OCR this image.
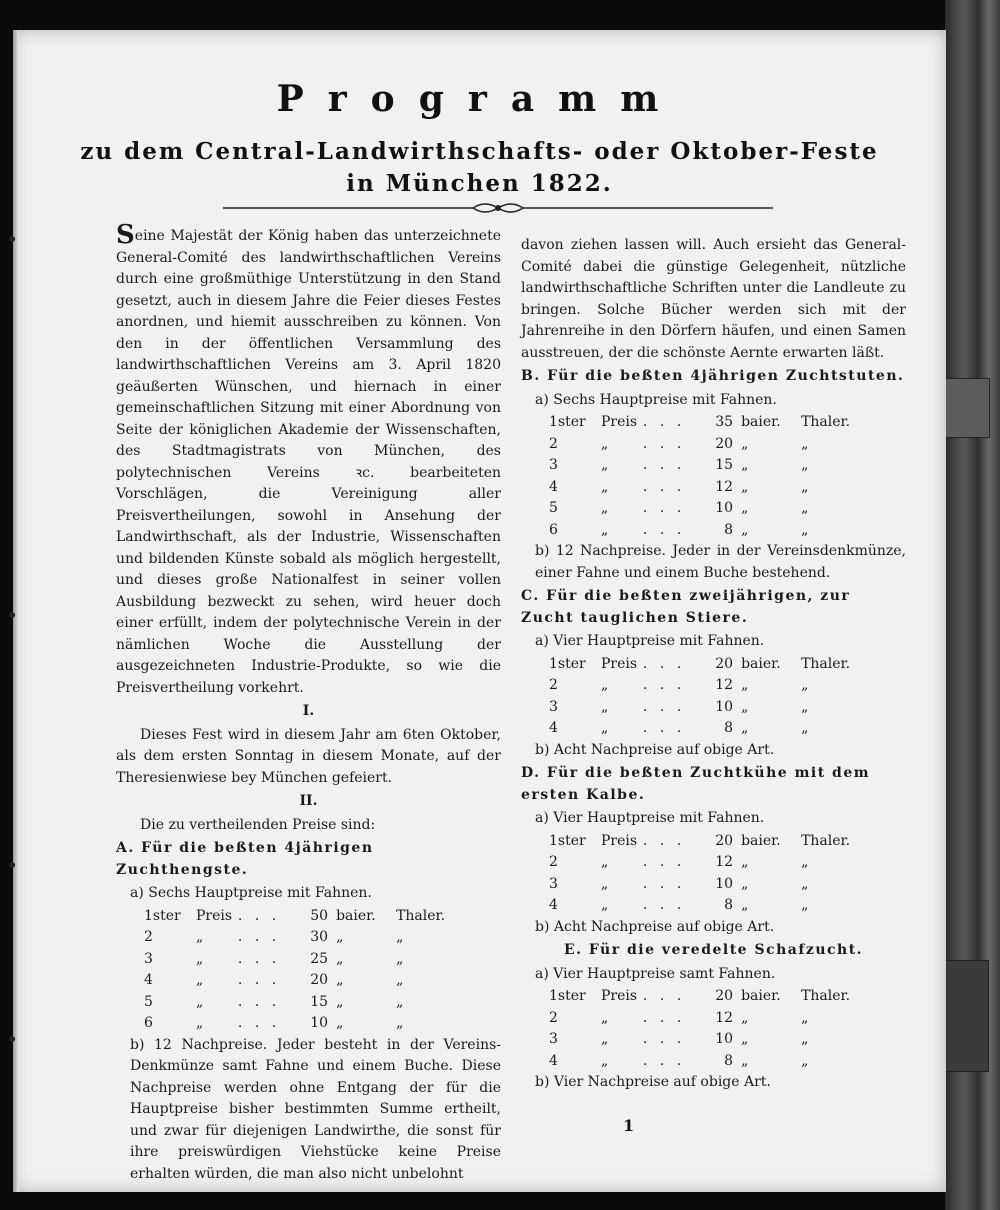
Programm
zu dem Central-Landwirthschafts- oder Oktober-Feste
in München 1822.

Seine Majestät der König haben das unterzeichnete General-Comité des landwirthschaftlichen Vereins durch eine großmüthige Unterstützung in den Stand gesetzt, auch in diesem Jahre die Feier dieses Festes anordnen, und hiemit ausschreiben zu können. Von den in der öffentlichen Versammlung des landwirthschaftlichen Vereins am 3. April 1820 geäußerten Wünschen, und hiernach in einer gemeinschaftlichen Sitzung mit einer Abordnung von Seite der königlichen Akademie der Wissenschaften, des Stadtmagistrats von München, des polytechnischen Vereins ꝛc. bearbeiteten Vorschlägen, die Vereinigung aller Preisvertheilungen, sowohl in Ansehung der Landwirthschaft, als der Industrie, Wissenschaften und bildenden Künste sobald als möglich hergestellt, und dieses große Nationalfest in seiner vollen Ausbildung bezweckt zu sehen, wird heuer doch einer erfüllt, indem der polytechnische Verein in der nämlichen Woche die Ausstellung der ausgezeichneten Industrie-Produkte, so wie die Preisvertheilung vorkehrt.

I.

Dieses Fest wird in diesem Jahr am 6ten Oktober, als dem ersten Sonntag in diesem Monate, auf der Theresienwiese bey München gefeiert.

II.

Die zu vertheilenden Preise sind:

A. Für die beßten 4jährigen Zuchthengste.
a) Sechs Hauptpreise mit Fahnen.
1ster	Preis	. . .	50	baier.	Thaler.
2	„	. . .	30	„	„
3	„	. . .	25	„	„
4	„	. . .	20	„	„
5	„	. . .	15	„	„
6	„	. . .	10	„	„

b) 12 Nachpreise. Jeder besteht in der Vereins-Denkmünze samt Fahne und einem Buche. Diese Nachpreise werden ohne Entgang der für die Hauptpreise bisher bestimmten Summe ertheilt, und zwar für diejenigen Landwirthe, die sonst für ihre preiswürdigen Viehstücke keine Preise erhalten würden, die man also nicht unbelohnt

davon ziehen lassen will. Auch ersieht das General-Comité dabei die günstige Gelegenheit, nützliche landwirthschaftliche Schriften unter die Landleute zu bringen. Solche Bücher werden sich mit der Jahrenreihe in den Dörfern häufen, und einen Samen ausstreuen, der die schönste Aernte erwarten läßt.

B. Für die beßten 4jährigen Zuchtstuten.
a) Sechs Hauptpreise mit Fahnen.
1ster	Preis	. . .	35	baier.	Thaler.
2	„	. . .	20	„	„
3	„	. . .	15	„	„
4	„	. . .	12	„	„
5	„	. . .	10	„	„
6	„	. . .	8	„	„

b) 12 Nachpreise. Jeder in der Vereinsdenkmünze, einer Fahne und einem Buche bestehend.

C. Für die beßten zweijährigen, zur Zucht tauglichen Stiere.
a) Vier Hauptpreise mit Fahnen.
1ster	Preis	. . .	20	baier.	Thaler.
2	„	. . .	12	„	„
3	„	. . .	10	„	„
4	„	. . .	8	„	„

b) Acht Nachpreise auf obige Art.

D. Für die beßten Zuchtkühe mit dem ersten Kalbe.
a) Vier Hauptpreise mit Fahnen.
1ster	Preis	. . .	20	baier.	Thaler.
2	„	. . .	12	„	„
3	„	. . .	10	„	„
4	„	. . .	8	„	„

b) Acht Nachpreise auf obige Art.

E. Für die veredelte Schafzucht.
a) Vier Hauptpreise samt Fahnen.
1ster	Preis	. . .	20	baier.	Thaler.
2	„	. . .	12	„	„
3	„	. . .	10	„	„
4	„	. . .	8	„	„

b) Vier Nachpreise auf obige Art.

1
